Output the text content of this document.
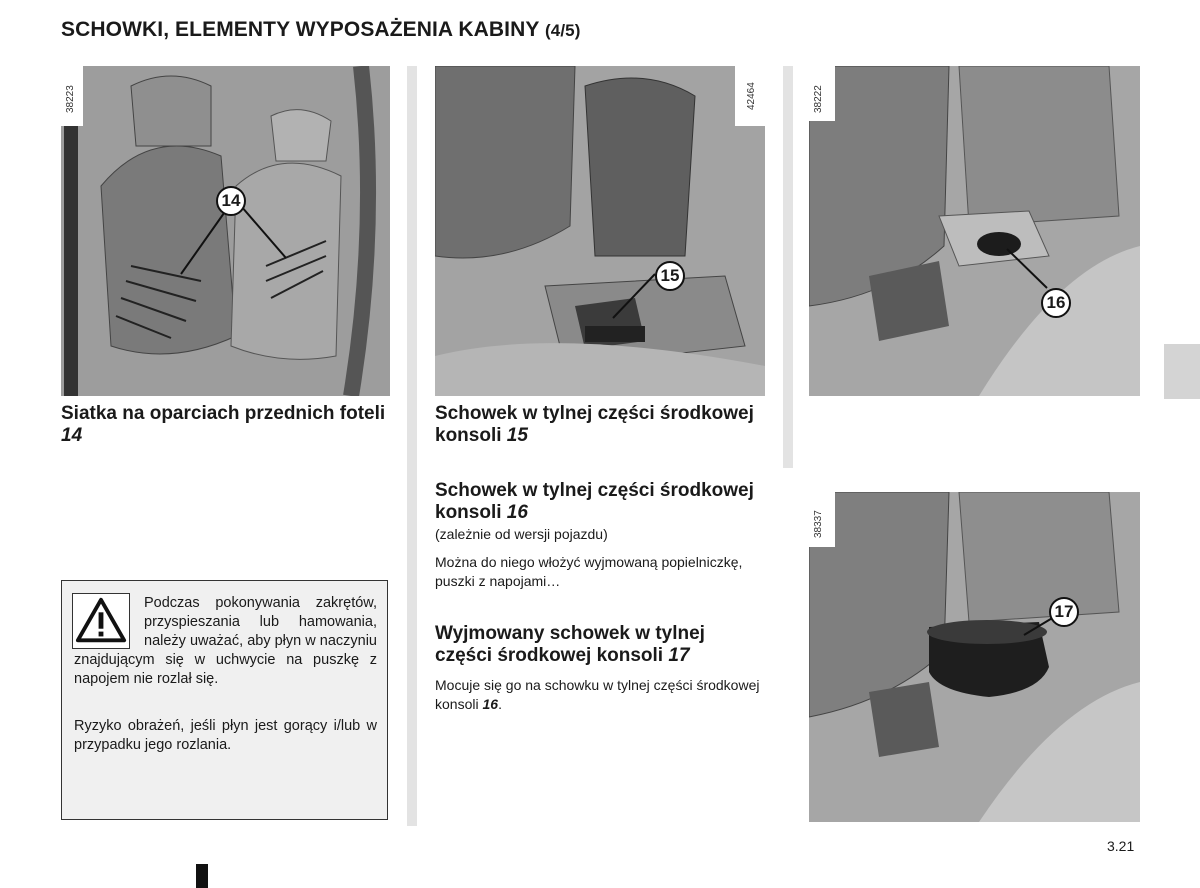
SCHOWKI, ELEMENTY WYPOSAŻENIA KABINY (4/5)
38223
14
42464
15
38222
16
38337
17
Siatka na oparciach przednich foteli 14
Schowek w tylnej części środkowej konsoli 15
Schowek w tylnej części środkowej konsoli 16
(zależnie od wersji pojazdu)
Można do niego włożyć wyjmowaną popielniczkę, puszki z napojami…
Wyjmowany schowek w tylnej części środkowej konsoli 17
Mocuje się go na schowku w tylnej części środkowej konsoli 16.
Podczas pokonywania zakrętów, przyspieszania lub hamowania, należy uważać, aby płyn w naczyniu znajdującym się w uchwycie na puszkę z napojem nie rozlał się.
Ryzyko obrażeń, jeśli płyn jest gorący i/lub w przypadku jego rozlania.
3.21
